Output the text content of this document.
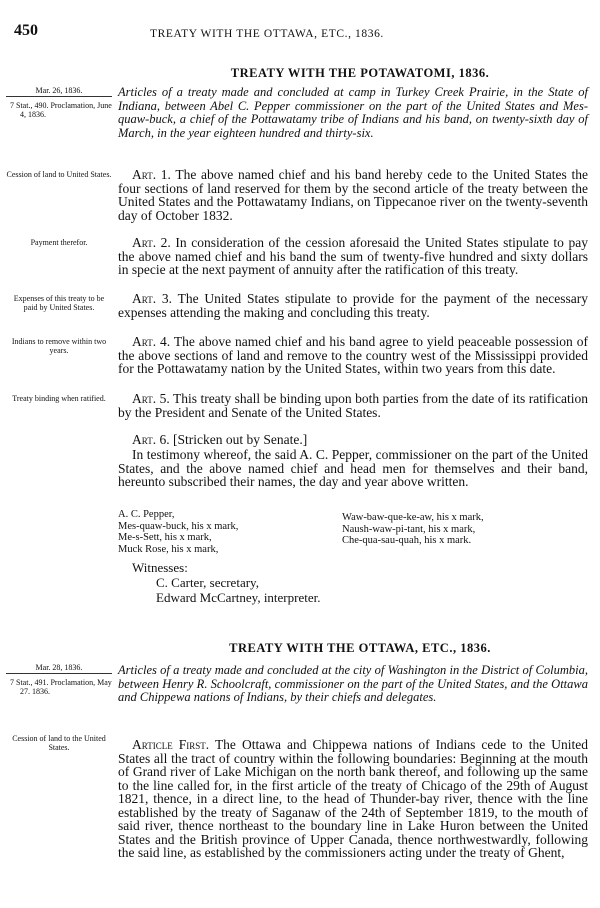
450	TREATY WITH THE OTTAWA, ETC., 1836.
TREATY WITH THE POTAWATOMI, 1836.
Mar. 26, 1836.
7 Stat., 490. Proclamation, June 4, 1836.
Articles of a treaty made and concluded at camp in Turkey Creek Prairie, in the State of Indiana, between Abel C. Pepper commissioner on the part of the United States and Mes-quaw-buck, a chief of the Pottawatamy tribe of Indians and his band, on twenty-sixth day of March, in the year eighteen hundred and thirty-six.
Cession of land to United States.	Art. 1. The above named chief and his band hereby cede to the United States the four sections of land reserved for them by the second article of the treaty between the United States and the Pottawatamy Indians, on Tippecanoe river on the twenty-seventh day of October 1832.

Payment therefor.	Art. 2. In consideration of the cession aforesaid the United States stipulate to pay the above named chief and his band the sum of twenty-five hundred and sixty dollars in specie at the next payment of annuity after the ratification of this treaty.

Expenses of this treaty to be paid by United States.

Art. 3. The United States stipulate to provide for the payment of the necessary expenses attending the making and concluding this treaty.

Indians to remove within two years.

Art. 4. The above named chief and his band agree to yield peaceable possession of the above sections of land and remove to the country west of the Mississippi provided for the Pottawatamy nation by the United States, within two years from this date.

Treaty binding when ratified.	Art. 5. This treaty shall be binding upon both parties from the date of its ratification by the President and Senate of the United States.

Art. 6. [Stricken out by Senate.]

In testimony whereof, the said A. C. Pepper, commissioner on the part of the United States, and the above named chief and head men for themselves and their band, hereunto subscribed their names, the day and year above written.

A. C. Pepper,
Mes-quaw-buck, his x mark,
Me-s-Sett, his x mark,
Muck Rose, his x mark,
Waw-baw-que-ke-aw, his x mark,
Naush-waw-pi-tant, his x mark,
Che-qua-sau-quah, his x mark.
Witnesses:
C. Carter, secretary,
Edward McCartney, interpreter.
TREATY WITH THE OTTAWA, ETC., 1836.
Mar. 28, 1836.
7 Stat., 491. Proclamation, May 27. 1836.
Articles of a treaty made and concluded at the city of Washington in the District of Columbia, between Henry R. Schoolcraft, commissioner on the part of the United States, and the Ottawa and Chippewa nations of Indians, by their chiefs and delegates.
Cession of land to the United States.	Article First. The Ottawa and Chippewa nations of Indians cede to the United States all the tract of country within the following boundaries: Beginning at the mouth of Grand river of Lake Michigan on the north bank thereof, and following up the same to the line called for, in the first article of the treaty of Chicago of the 29th of August 1821, thence, in a direct line, to the head of Thunder-bay river, thence with the line established by the treaty of Saganaw of the 24th of September 1819, to the mouth of said river, thence northeast to the boundary line in Lake Huron between the United States and the British province of Upper Canada, thence northwestwardly, following the said line, as established by the commissioners acting under the treaty of Ghent,
